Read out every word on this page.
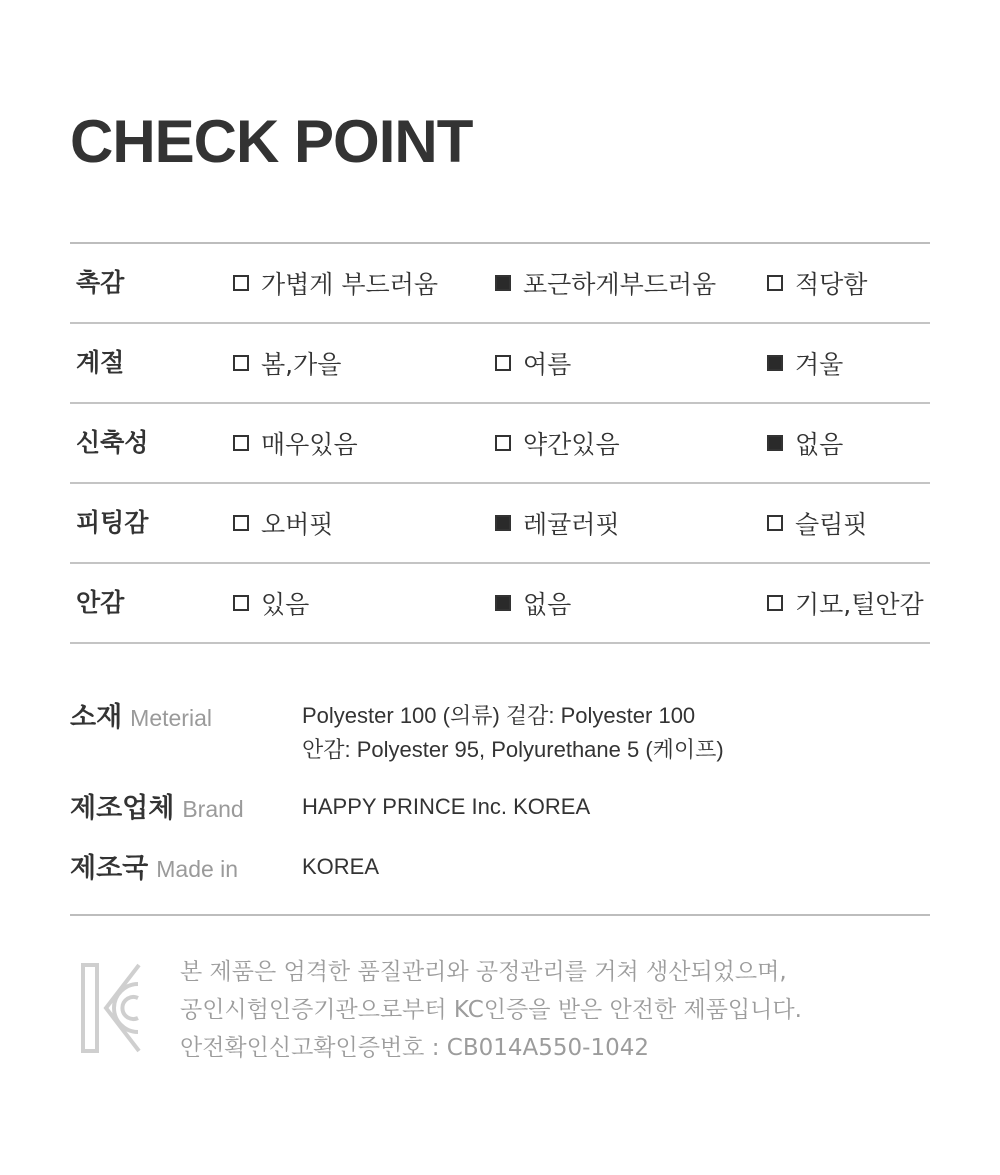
CHECK POINT
촉감	가볍게 부드러움	포근하게부드러움	적당함
계절	봄,가을	여름	겨울
신축성	매우있음	약간있음	없음
피팅감	오버핏	레귤러핏	슬림핏
안감	있음	없음	기모,털안감
소재 Meterial	Polyester 100 (의류) 겉감: Polyester 100
안감: Polyester 95, Polyurethane 5 (케이프)
제조업체 Brand	HAPPY PRINCE Inc. KOREA
제조국 Made in	KOREA
본 제품은 엄격한 품질관리와 공정관리를 거쳐 생산되었으며,
공인시험인증기관으로부터 KC인증을 받은 안전한 제품입니다.
안전확인신고확인증번호 : CB014A550-1042
